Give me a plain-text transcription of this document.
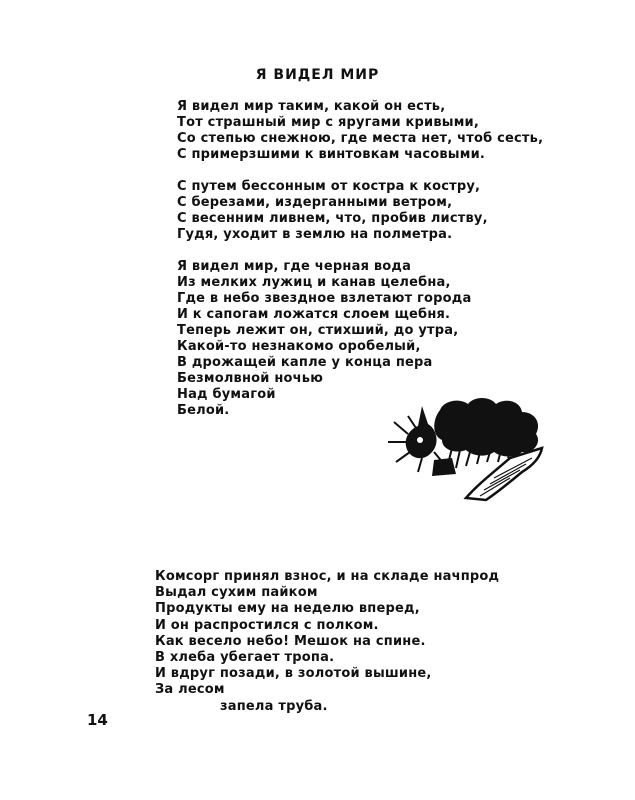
Я ВИДЕЛ МИР
Я видел мир таким, какой он есть,
Тот страшный мир с яругами кривыми,
Со степью снежною, где места нет, чтоб сесть,
С примерзшими к винтовкам часовыми.
С путем бессонным от костра к костру,
С березами, издерганными ветром,
С весенним ливнем, что, пробив листву,
Гудя, уходит в землю на полметра.
Я видел мир, где черная вода
Из мелких лужиц и канав целебна,
Где в небо звездное взлетают города
И к сапогам ложатся слоем щебня.
Теперь лежит он, стихший, до утра,
Какой-то незнакомо оробелый,
В дрожащей капле у конца пера
Безмолвной ночью
Над бумагой
Белой.
Комсорг принял взнос, и на складе начпрод
Выдал сухим пайком
Продукты ему на неделю вперед,
И он распростился с полком.
Как весело небо! Мешок на спине.
В хлеба убегает тропа.
И вдруг позади, в золотой вышине,
За лесом
запела труба.
14
